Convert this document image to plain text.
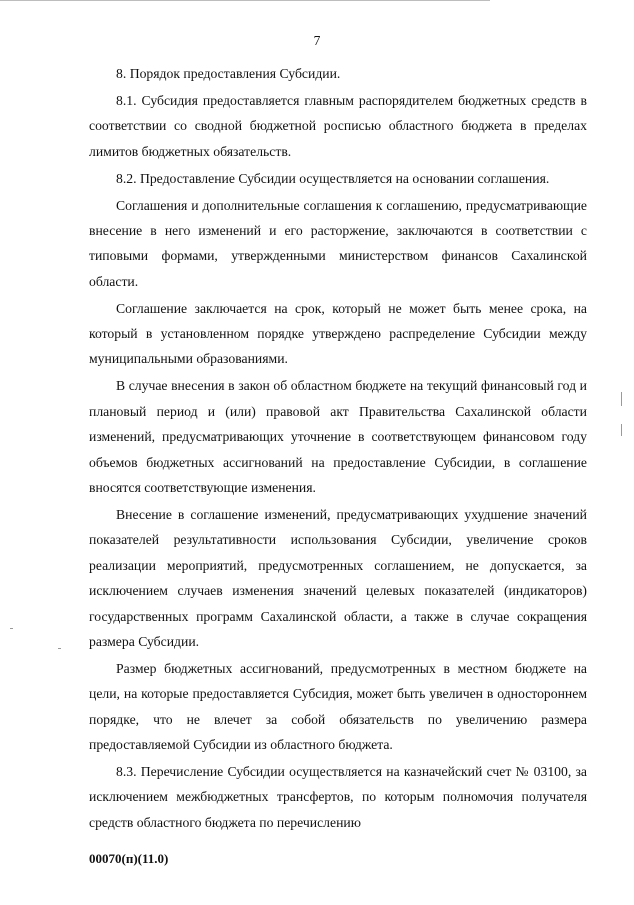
7

8. Порядок предоставления Субсидии.

8.1. Субсидия предоставляется главным распорядителем бюджетных средств в соответствии со сводной бюджетной росписью областного бюджета в пределах лимитов бюджетных обязательств.

8.2. Предоставление Субсидии осуществляется на основании соглашения.

Соглашения и дополнительные соглашения к соглашению, предусматривающие внесение в него изменений и его расторжение, заключаются в соответствии с типовыми формами, утвержденными министерством финансов Сахалинской области.

Соглашение заключается на срок, который не может быть менее срока, на который в установленном порядке утверждено распределение Субсидии между муниципальными образованиями.

В случае внесения в закон об областном бюджете на текущий финансовый год и плановый период и (или) правовой акт Правительства Сахалинской области изменений, предусматривающих уточнение в соответствующем финансовом году объемов бюджетных ассигнований на предоставление Субсидии, в соглашение вносятся соответствующие изменения.

Внесение в соглашение изменений, предусматривающих ухудшение значений показателей результативности использования Субсидии, увеличение сроков реализации мероприятий, предусмотренных соглашением, не допускается, за исключением случаев изменения значений целевых показателей (индикаторов) государственных программ Сахалинской области, а также в случае сокращения размера Субсидии.

Размер бюджетных ассигнований, предусмотренных в местном бюджете на цели, на которые предоставляется Субсидия, может быть увеличен в одностороннем порядке, что не влечет за собой обязательств по увеличению размера предоставляемой Субсидии из областного бюджета.

8.3. Перечисление Субсидии осуществляется на казначейский счет № 03100, за исключением межбюджетных трансфертов, по которым полномочия получателя средств областного бюджета по перечислению

00070(п)(11.0)
